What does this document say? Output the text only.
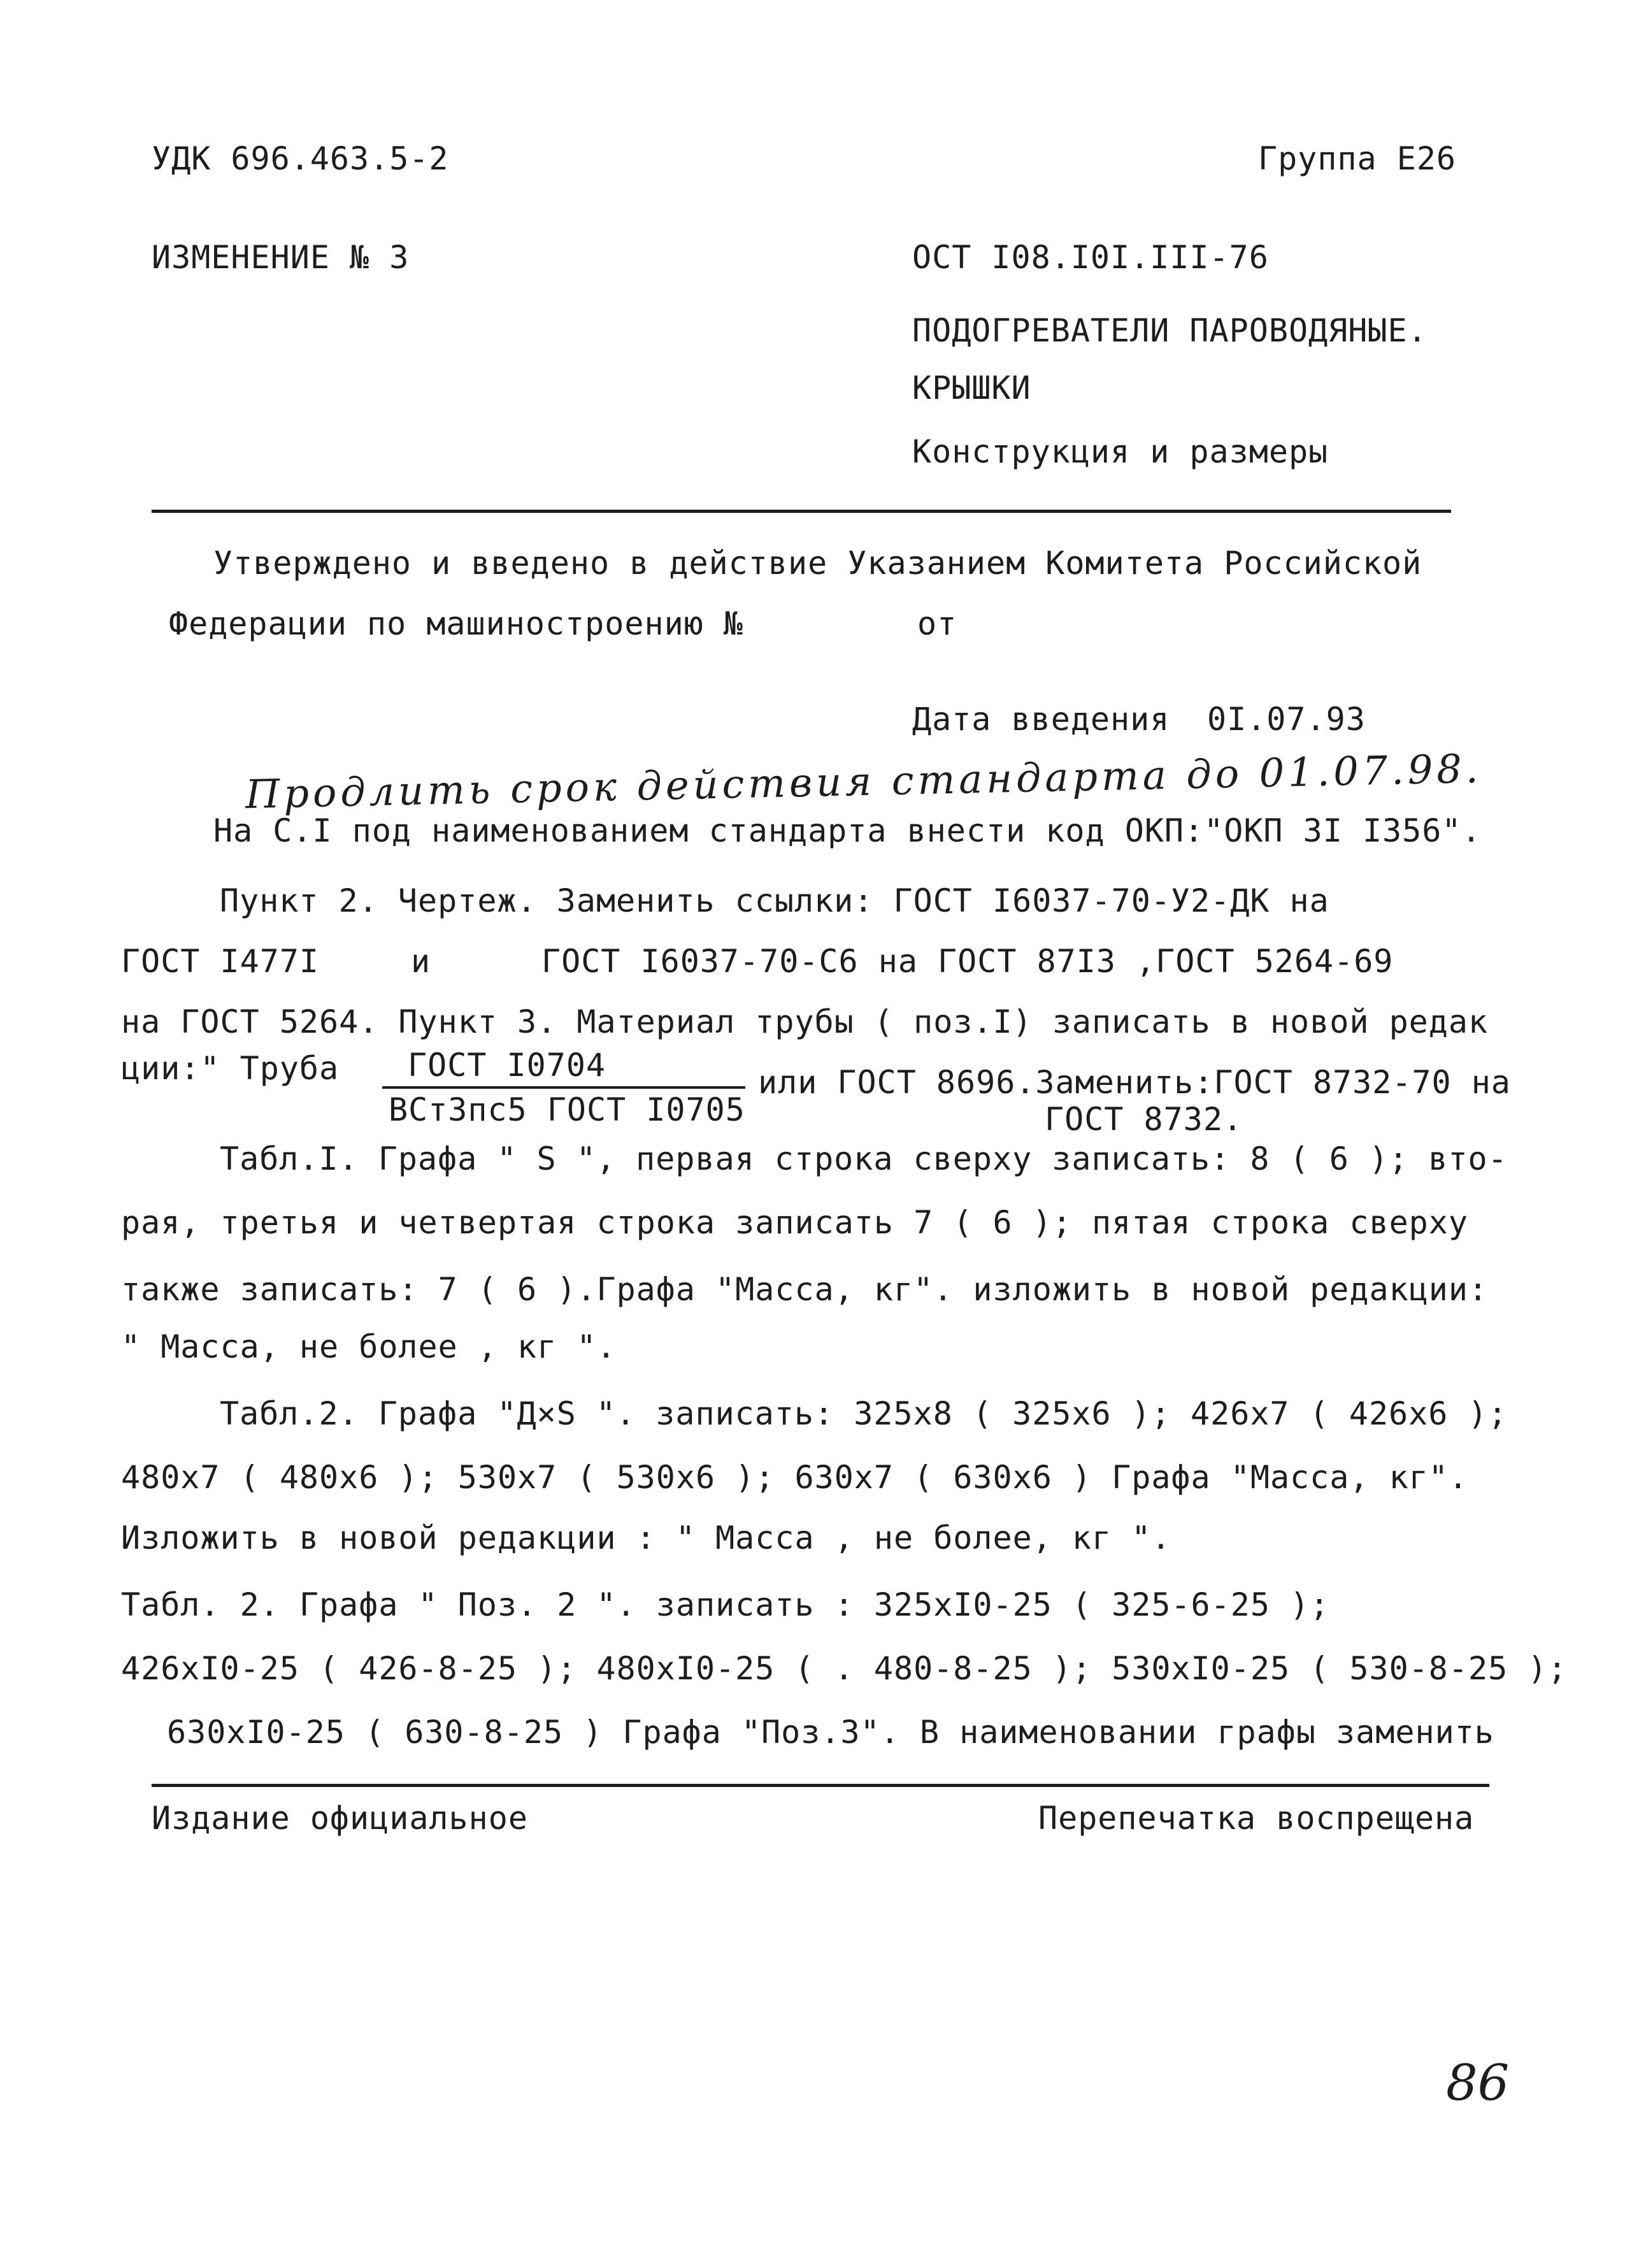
УДК 696.463.5-2	Группа Е26
ИЗМЕНЕНИЕ № 3	ОСТ I08.I0I.III-76
ПОДОГРЕВАТЕЛИ ПАРОВОДЯНЫЕ.
КРЫШКИ
Конструкция и размеры
Утверждено и введено в действие Указанием Комитета Российской
Федерации по машиностроению №	от
Дата введения 0I.07.93
Продлить срок действия стандарта до 01.07.98.
На С.I под наименованием стандарта внести код ОКП:"ОКП 3I I356".
Пункт 2. Чертеж. Заменить ссылки: ГОСТ I6037-70-У2-ДК на
ГОСТ I477I	и	ГОСТ I6037-70-С6 на ГОСТ 87I3 ,ГОСТ 5264-69
на ГОСТ 5264. Пункт 3. Материал трубы ( поз.I) записать в новой редак
ции:" Труба	ГОСТ I0704
ВСт3пс5 ГОСТ I0705
или ГОСТ 8696.Заменить:ГОСТ 8732-70 на
ГОСТ 8732.
Табл.I. Графа " S ", первая строка сверху записать: 8 ( 6 ); вто-
рая, третья и четвертая строка записать 7 ( 6 ); пятая строка сверху
также записать: 7 ( 6 ).Графа "Масса, кг". изложить в новой редакции:
" Масса, не более , кг ".
Табл.2. Графа "Д×S ". записать: 325x8 ( 325x6 ); 426x7 ( 426x6 );
480x7 ( 480x6 ); 530x7 ( 530x6 ); 630x7 ( 630x6 ) Графа "Масса, кг".
Изложить в новой редакции : " Масса , не более, кг ".
Табл. 2. Графа " Поз. 2 ". записать : 325xI0-25 ( 325-6-25 );
426xI0-25 ( 426-8-25 ); 480xI0-25 ( . 480-8-25 ); 530xI0-25 ( 530-8-25 );
630xI0-25 ( 630-8-25 ) Графа "Поз.3". В наименовании графы заменить
Издание официальное	Перепечатка воспрещена
86
